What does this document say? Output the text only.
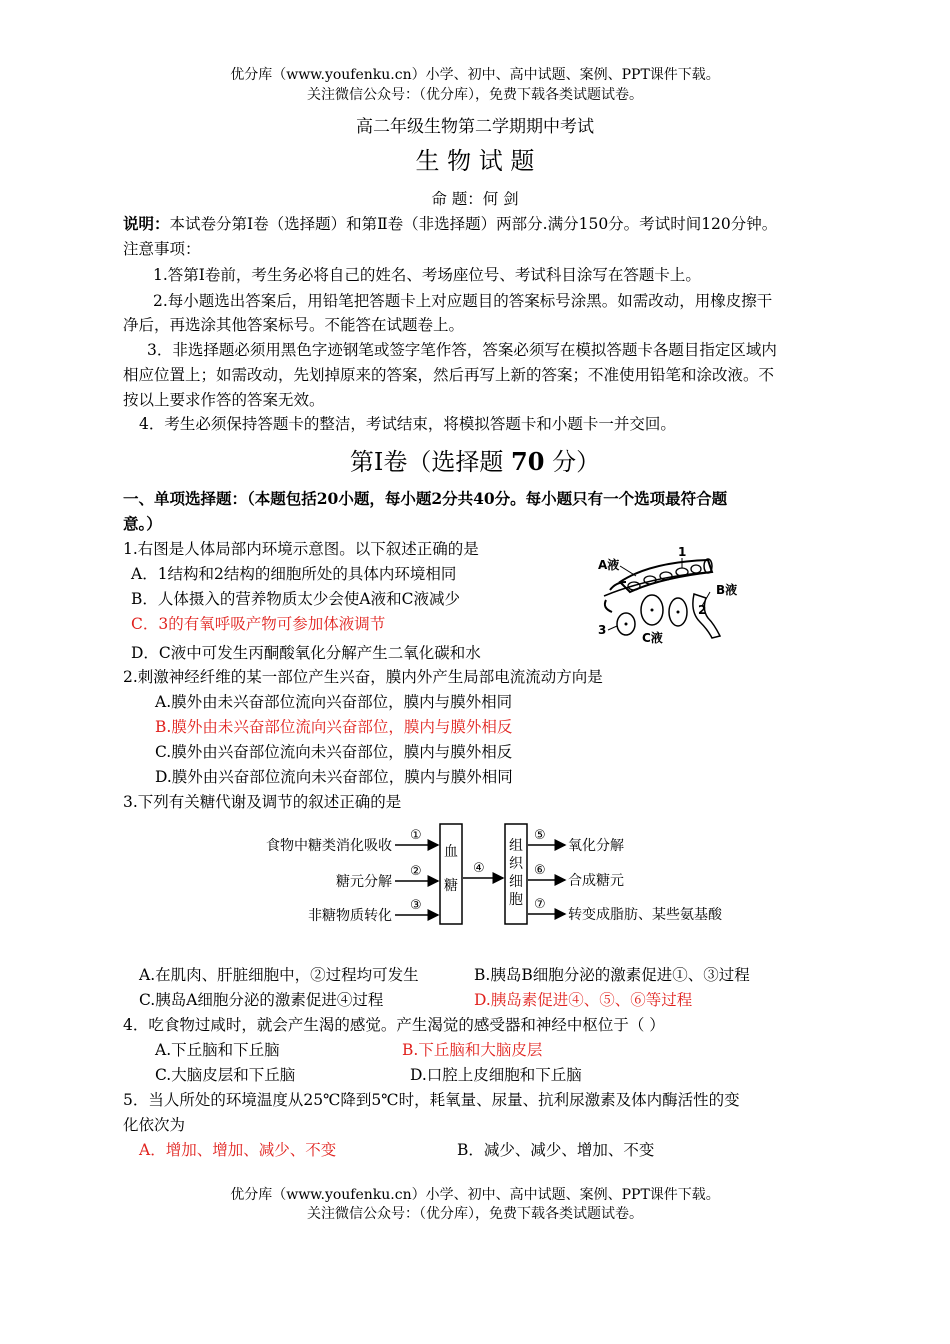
优分库（www.youfenku.cn）小学、初中、高中试题、案例、PPT课件下载。
关注微信公众号：（优分库），免费下载各类试题试卷。
高二年级生物第二学期期中考试
生 物 试 题
命 题：何 剑
说明：本试卷分第Ⅰ卷（选择题）和第Ⅱ卷（非选择题）两部分.满分150分。考试时间120分钟。
注意事项：
1.答第Ⅰ卷前，考生务必将自己的姓名、考场座位号、考试科目涂写在答题卡上。
2.每小题选出答案后，用铅笔把答题卡上对应题目的答案标号涂黑。如需改动，用橡皮擦干
净后，再选涂其他答案标号。不能答在试题卷上。
3．非选择题必须用黑色字迹钢笔或签字笔作答，答案必须写在模拟答题卡各题目指定区域内
相应位置上；如需改动，先划掉原来的答案，然后再写上新的答案；不准使用铅笔和涂改液。不
按以上要求作答的答案无效。
4．考生必须保持答题卡的整洁，考试结束，将模拟答题卡和小题卡一并交回。
第Ⅰ卷（选择题 70 分）
一、单项选择题：（本题包括20小题，每小题2分共40分。每小题只有一个选项最符合题
意。）
1.右图是人体局部内环境示意图。以下叙述正确的是
A．1结构和2结构的细胞所处的具体内环境相同
B．人体摄入的营养物质太少会使A液和C液减少
C．3的有氧呼吸产物可参加体液调节
D．C液中可发生丙酮酸氧化分解产生二氧化碳和水
A液
1
B液
2
3
C液
2.刺激神经纤维的某一部位产生兴奋，膜内外产生局部电流流动方向是
A.膜外由未兴奋部位流向兴奋部位，膜内与膜外相同
B.膜外由未兴奋部位流向兴奋部位，膜内与膜外相反
C.膜外由兴奋部位流向未兴奋部位，膜内与膜外相反
D.膜外由兴奋部位流向未兴奋部位，膜内与膜外相同
3.下列有关糖代谢及调节的叙述正确的是
食物中糖类消化吸收
糖元分解
非糖物质转化
①
②
③
血
糖
④
组
织
细
胞
⑤
⑥
⑦
氧化分解
合成糖元
转变成脂肪、某些氨基酸
A.在肌肉、肝脏细胞中，②过程均可发生	B.胰岛B细胞分泌的激素促进①、③过程
C.胰岛A细胞分泌的激素促进④过程	D.胰岛素促进④、⑤、⑥等过程
4．吃食物过咸时，就会产生渴的感觉。产生渴觉的感受器和神经中枢位于（ ）
A.下丘脑和下丘脑	B.下丘脑和大脑皮层
C.大脑皮层和下丘脑	D.口腔上皮细胞和下丘脑
5．当人所处的环境温度从25℃降到5℃时，耗氧量、尿量、抗利尿激素及体内酶活性的变
化依次为
A．增加、增加、减少、不变	B．减少、减少、增加、不变
优分库（www.youfenku.cn）小学、初中、高中试题、案例、PPT课件下载。
关注微信公众号：（优分库），免费下载各类试题试卷。
